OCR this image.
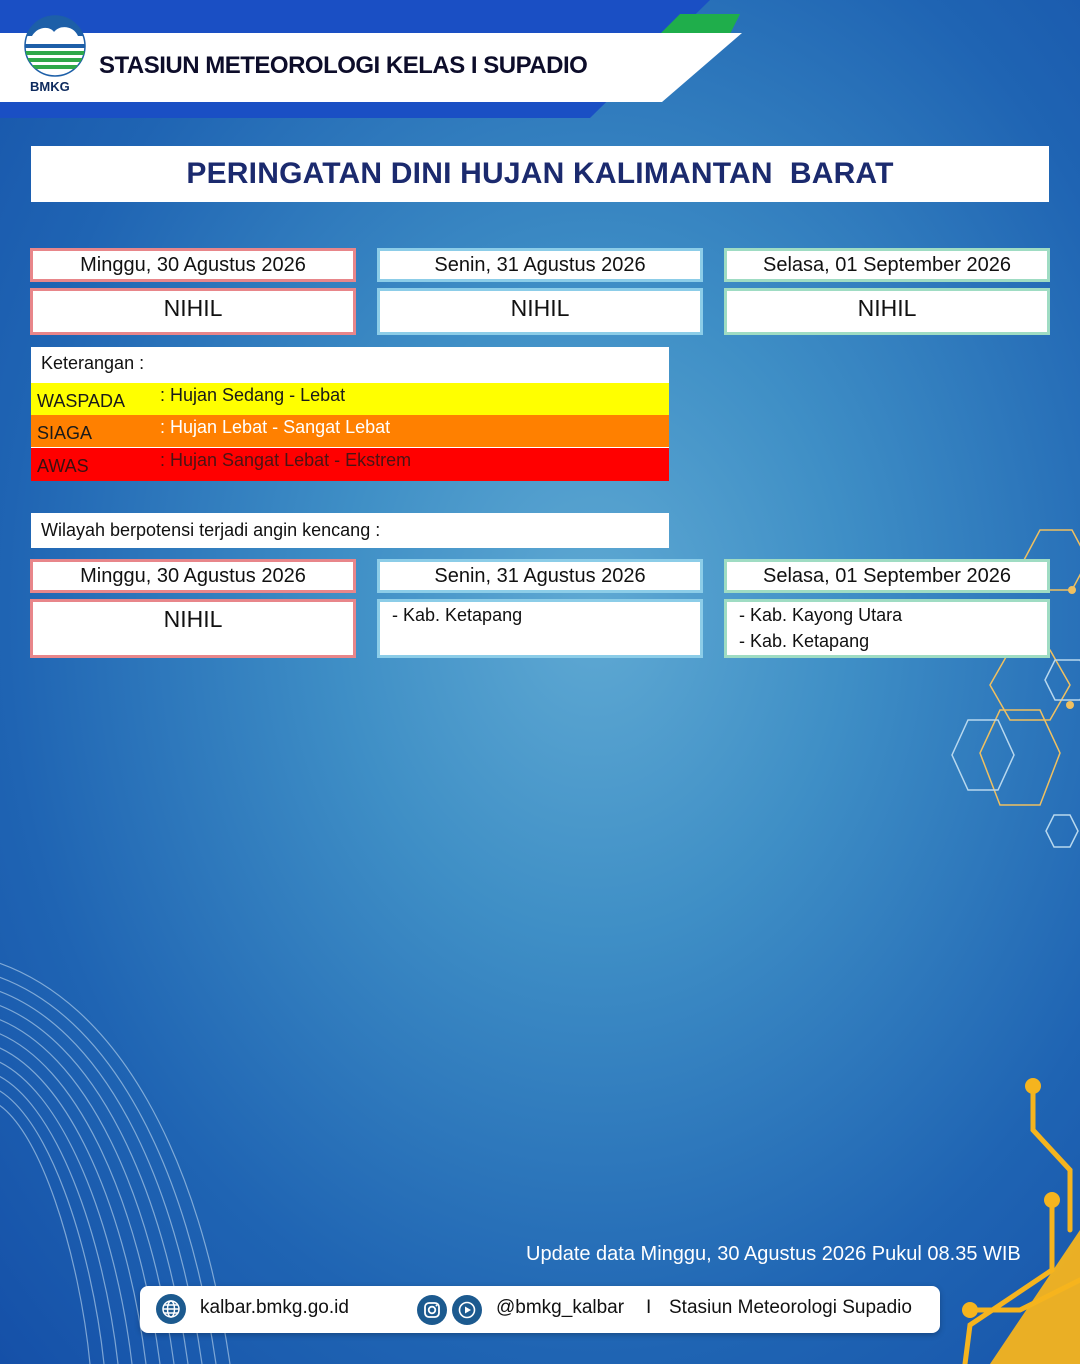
BMKG
STASIUN METEOROLOGI KELAS I SUPADIO
PERINGATAN DINI HUJAN KALIMANTAN  BARAT
Minggu, 30 Agustus 2026	Senin, 31 Agustus 2026	Selasa, 01 September 2026
NIHIL	NIHIL	NIHIL
Keterangan :
WASPADA : Hujan Sedang - Lebat
SIAGA	: Hujan Lebat - Sangat Lebat
AWAS	: Hujan Sangat Lebat - Ekstrem
Wilayah berpotensi terjadi angin kencang :
Minggu, 30 Agustus 2026	Senin, 31 Agustus 2026	Selasa, 01 September 2026
NIHIL	- Kab. Ketapang	- Kab. Kayong Utara
- Kab. Ketapang
Update data Minggu, 30 Agustus 2026 Pukul 08.35 WIB
kalbar.bmkg.go.id	@bmkg_kalbar I Stasiun Meteorologi Supadio
